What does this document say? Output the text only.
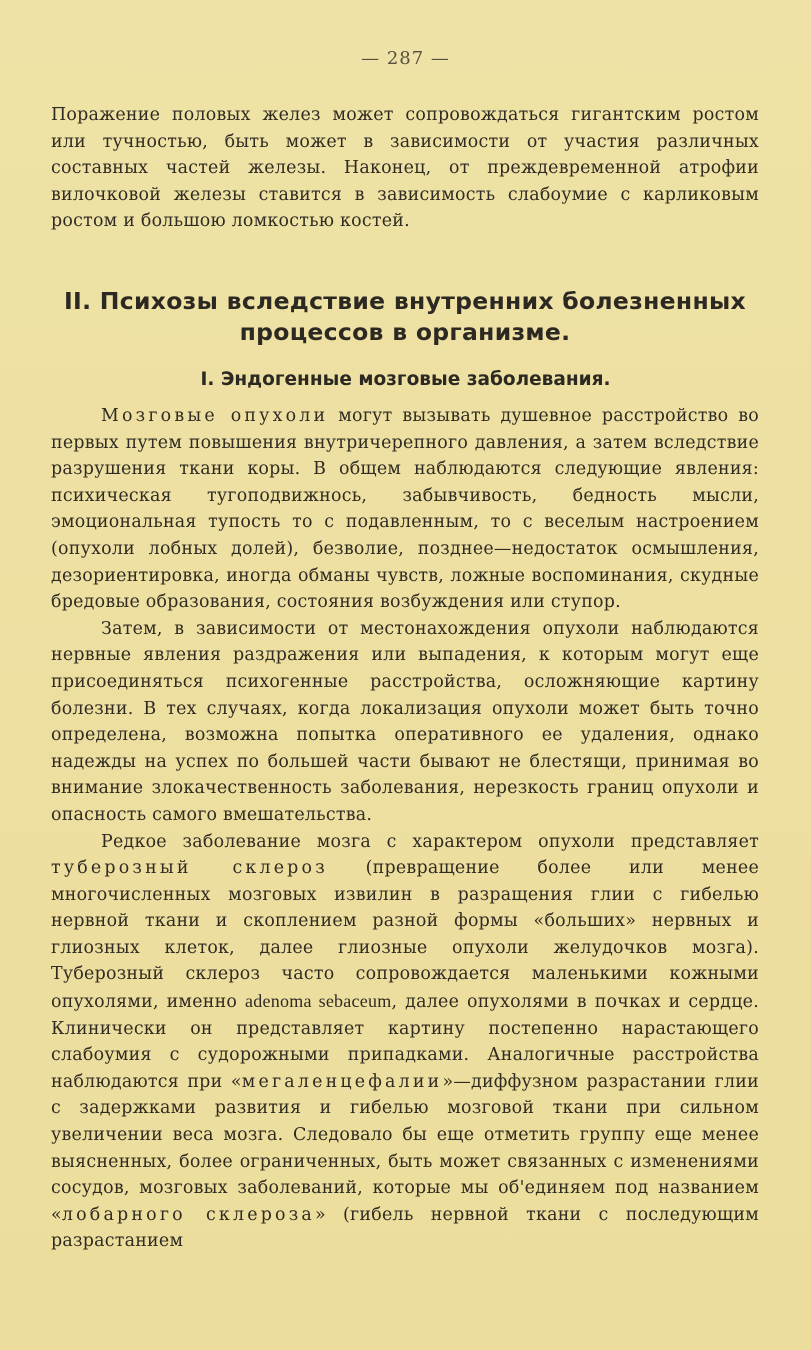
— 287 —

Поражение половых желез может сопровождаться гигантским ростом или тучностью, быть может в зависимости от участия различных составных частей железы. Наконец, от преждевременной атрофии вилочковой железы ставится в зависимость слабоумие с карликовым ростом и большою ломкостью костей.

II. Психозы вследствие внутренних болезненных
процессов в организме.
I. Эндогенные мозговые заболевания.

Мозговые опухоли могут вызывать душевное расстройство во первых путем повышения внутричерепного давления, а затем вследствие разрушения ткани коры. В общем наблюдаются следующие явления: психическая тугоподвижнось, забывчивость, бедность мысли, эмоциональная тупость то с подавленным, то с веселым настроением (опухоли лобных долей), безволие, позднее—недостаток осмышления, дезориентировка, иногда обманы чувств, ложные воспоминания, скудные бредовые образования, состояния возбуждения или ступор.

Затем, в зависимости от местонахождения опухоли наблюдаются нервные явления раздражения или выпадения, к которым могут еще присоединяться психогенные расстройства, осложняющие картину болезни. В тех случаях, когда локализация опухоли может быть точно определена, возможна попытка оперативного ее удаления, однако надежды на успех по большей части бывают не блестящи, принимая во внимание злокачественность заболевания, нерезкость границ опухоли и опасность самого вмешательства.

Редкое заболевание мозга с характером опухоли представляет туберозный склероз (превращение более или менее многочисленных мозговых извилин в разращения глии с гибелью нервной ткани и скоплением разной формы «больших» нервных и глиозных клеток, далее глиозные опухоли желудочков мозга). Туберозный склероз часто сопровождается маленькими кожными опухолями, именно adenoma sebaceum, далее опухолями в почках и сердце. Клинически он представляет картину постепенно нарастающего слабоумия с судорожными припадками. Аналогичные расстройства наблюдаются при «мегаленцефалии»—диффузном разрастании глии с задержками развития и гибелью мозговой ткани при сильном увеличении веса мозга. Следовало бы еще отметить группу еще менее выясненных, более ограниченных, быть может связанных с изменениями сосудов, мозговых заболеваний, которые мы об'единяем под названием «лобарного склероза» (гибель нервной ткани с последующим разрастанием
